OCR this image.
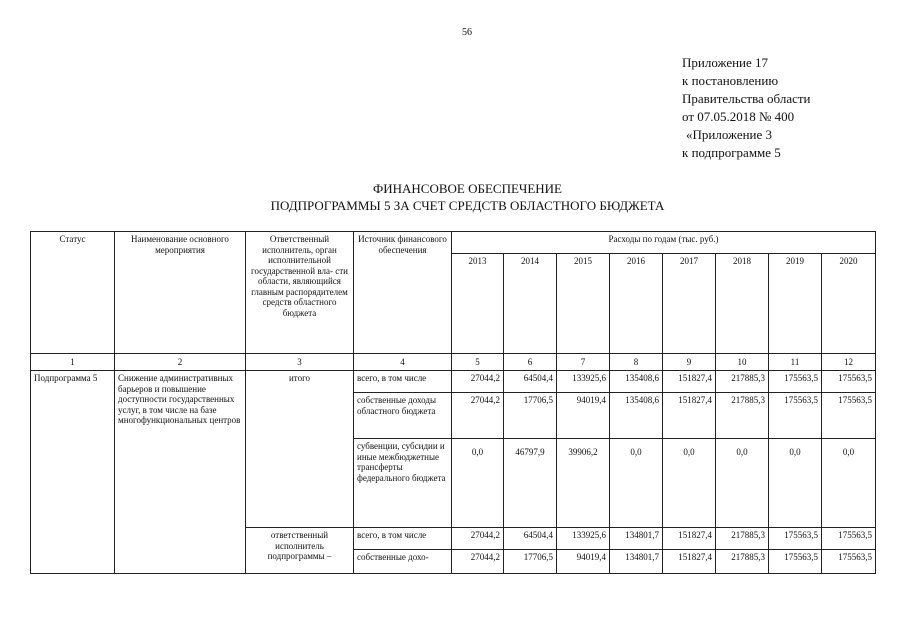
56
Приложение 17
к постановлению
Правительства области
от 07.05.2018 № 400
«Приложение 3
к подпрограмме 5
ФИНАНСОВОЕ ОБЕСПЕЧЕНИЕ
ПОДПРОГРАММЫ 5 ЗА СЧЕТ СРЕДСТВ ОБЛАСТНОГО БЮДЖЕТА
Статус	Наименование основного мероприятия	Ответственный исполнитель, орган исполнительной государственной вла- сти области, являющийся главным распорядителем средств областного бюджета	Источник финансового обеспечения	Расходы по годам (тыс. руб.)							
				2013	2014	2015	2016	2017	2018	2019	2020
1	2	3	4	5	6	7	8	9	10	11	12
Подпрограмма 5	Снижение административных барьеров и повышение доступности государственных услуг, в том числе на базе многофункциональных центров	итого	всего, в том числе	27044,2	64504,4	133925,6	135408,6	151827,4	217885,3	175563,5	175563,5
			собственные доходы областного бюджета	27044,2	17706,5	94019,4	135408,6	151827,4	217885,3	175563,5	175563,5
			субвенции, субсидии и иные межбюджетные трансферты федерального бюджета	0,0	46797,9	39906,2	0,0	0,0	0,0	0,0	0,0
		ответственный исполнитель подпрограммы –	всего, в том числе	27044,2	64504,4	133925,6	134801,7	151827,4	217885,3	175563,5	175563,5
			собственные дохо-	27044,2	17706,5	94019,4	134801,7	151827,4	217885,3	175563,5	175563,5
